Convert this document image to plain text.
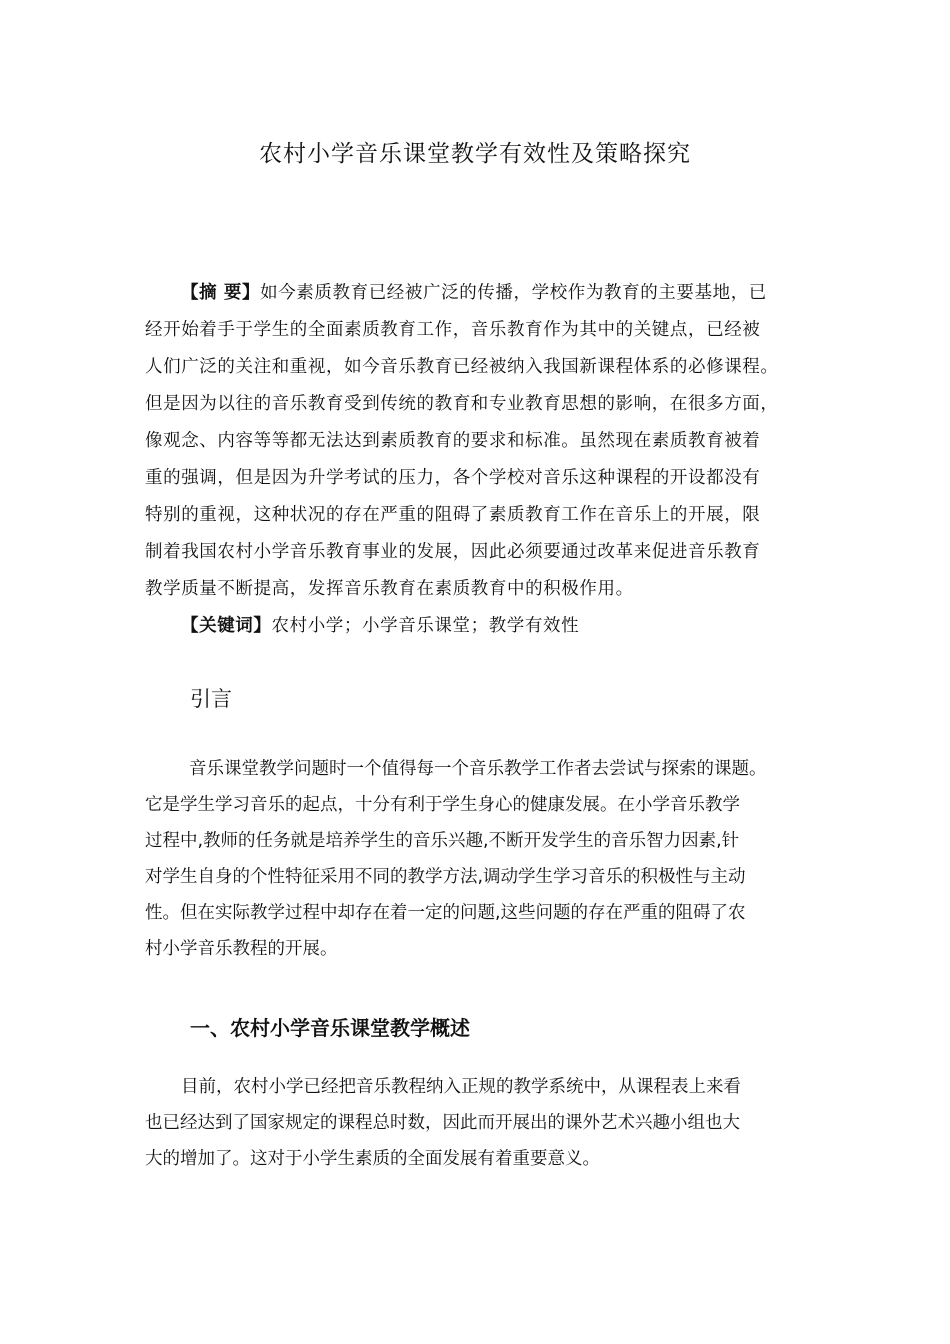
农村小学音乐课堂教学有效性及策略探究
【摘 要】如今素质教育已经被广泛的传播，学校作为教育的主要基地，已
经开始着手于学生的全面素质教育工作，音乐教育作为其中的关键点，已经被
人们广泛的关注和重视，如今音乐教育已经被纳入我国新课程体系的必修课程。
但是因为以往的音乐教育受到传统的教育和专业教育思想的影响，在很多方面，
像观念、内容等等都无法达到素质教育的要求和标准。虽然现在素质教育被着
重的强调，但是因为升学考试的压力，各个学校对音乐这种课程的开设都没有
特别的重视，这种状况的存在严重的阻碍了素质教育工作在音乐上的开展，限
制着我国农村小学音乐教育事业的发展，因此必须要通过改革来促进音乐教育
教学质量不断提高，发挥音乐教育在素质教育中的积极作用。
【关键词】农村小学；小学音乐课堂；教学有效性
引言
音乐课堂教学问题时一个值得每一个音乐教学工作者去尝试与探索的课题。
它是学生学习音乐的起点，十分有利于学生身心的健康发展。在小学音乐教学
过程中,教师的任务就是培养学生的音乐兴趣,不断开发学生的音乐智力因素,针
对学生自身的个性特征采用不同的教学方法,调动学生学习音乐的积极性与主动
性。但在实际教学过程中却存在着一定的问题,这些问题的存在严重的阻碍了农
村小学音乐教程的开展。
一、农村小学音乐课堂教学概述
目前，农村小学已经把音乐教程纳入正规的教学系统中，从课程表上来看
也已经达到了国家规定的课程总时数，因此而开展出的课外艺术兴趣小组也大
大的增加了。这对于小学生素质的全面发展有着重要意义。
